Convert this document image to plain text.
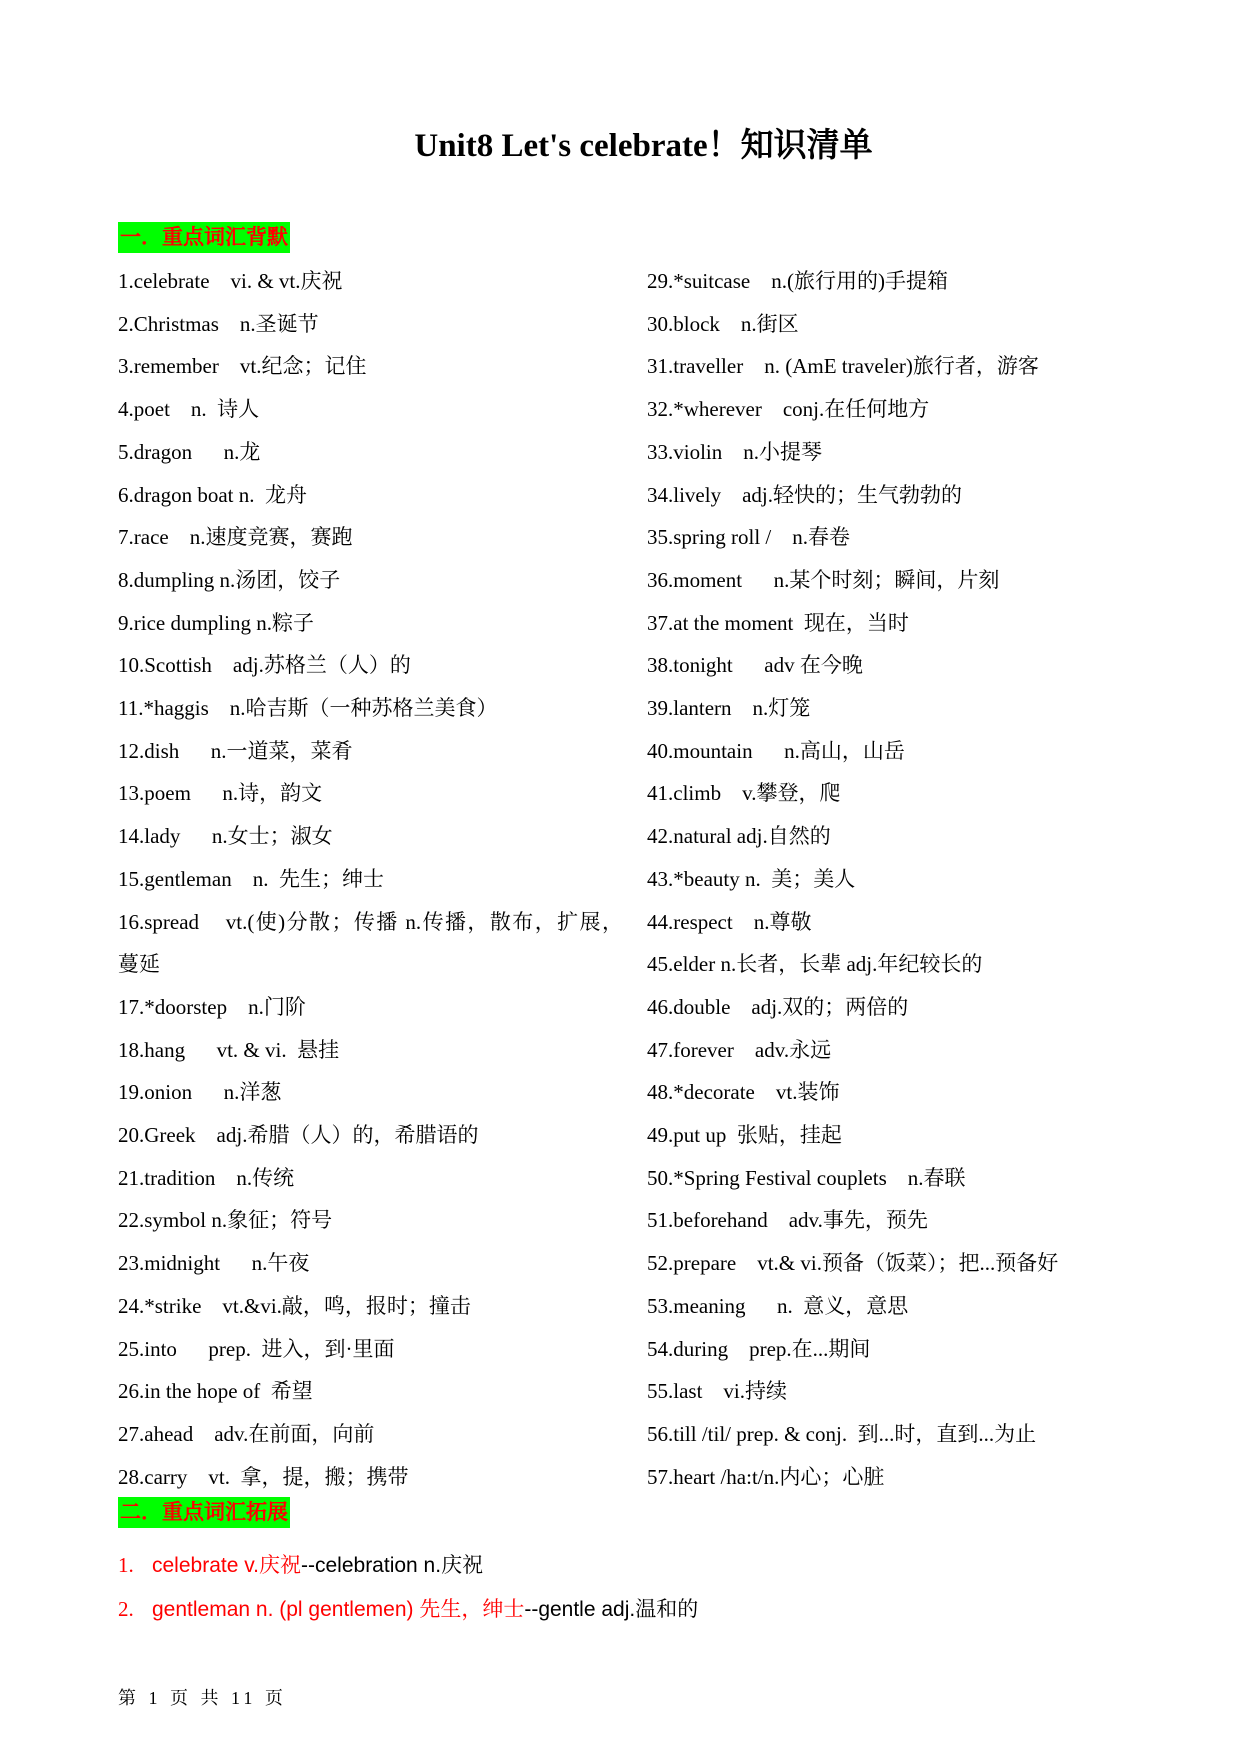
Unit8 Let's celebrate！知识清单
一．重点词汇背默
1.celebrate    vi. & vt.庆祝
2.Christmas    n.圣诞节
3.remember    vt.纪念；记住
4.poet    n.  诗人
5.dragon      n.龙
6.dragon boat n.  龙舟
7.race    n.速度竞赛，赛跑
8.dumpling n.汤团，饺子
9.rice dumpling n.粽子
10.Scottish    adj.苏格兰（人）的
11.*haggis    n.哈吉斯（一种苏格兰美食）
12.dish      n.一道菜，菜肴
13.poem      n.诗，韵文
14.lady      n.女士；淑女
15.gentleman    n.  先生；绅士
16.spread    vt.(使)分散；传播 n.传播，散布，扩展，
蔓延
17.*doorstep    n.门阶
18.hang      vt. & vi.  悬挂
19.onion      n.洋葱
20.Greek    adj.希腊（人）的，希腊语的
21.tradition    n.传统
22.symbol n.象征；符号
23.midnight      n.午夜
24.*strike    vt.&vi.敲，鸣，报时；撞击
25.into      prep.  进入，到·里面
26.in the hope of  希望
27.ahead    adv.在前面，向前
28.carry    vt.  拿，提，搬；携带
29.*suitcase    n.(旅行用的)手提箱
30.block    n.街区
31.traveller    n. (AmE traveler)旅行者，游客
32.*wherever    conj.在任何地方
33.violin    n.小提琴
34.lively    adj.轻快的；生气勃勃的
35.spring roll /    n.春卷
36.moment      n.某个时刻；瞬间，片刻
37.at the moment  现在，当时
38.tonight      adv 在今晚
39.lantern    n.灯笼
40.mountain      n.高山，山岳
41.climb    v.攀登，爬
42.natural adj.自然的
43.*beauty n.  美；美人
44.respect    n.尊敬
45.elder n.长者，长辈 adj.年纪较长的
46.double    adj.双的；两倍的
47.forever    adv.永远
48.*decorate    vt.装饰
49.put up  张贴，挂起
50.*Spring Festival couplets    n.春联
51.beforehand    adv.事先，预先
52.prepare    vt.& vi.预备（饭菜）；把...预备好
53.meaning      n.  意义，意思
54.during    prep.在...期间
55.last    vi.持续
56.till /til/ prep. & conj.  到...时，直到...为止
57.heart /ha:t/n.内心；心脏
二．重点词汇拓展
1. celebrate v.庆祝--celebration n.庆祝
2. gentleman n. (pl gentlemen) 先生，绅士--gentle adj.温和的
第 1 页 共 11 页
